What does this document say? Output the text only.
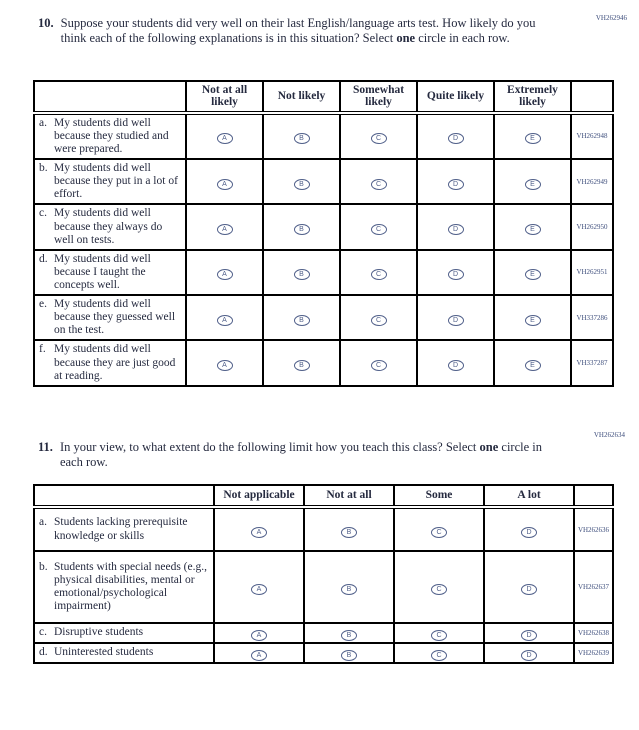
VH262946
10. Suppose your students did very well on their last English/language arts test. How likely do you think each of the following explanations is in this situation? Select one circle in each row.
	Not at all likely	Not likely	Somewhat likely	Quite likely	Extremely likely	

a. My students did well because they studied and were prepared.	A	B	C	D	E	VH262948

b. My students did well because they put in a lot of effort.	A	B	C	D	E	VH262949

c. My students did well because they always do well on tests.	A	B	C	D	E	VH262950

d. My students did well because I taught the concepts well.	A	B	C	D	E	VH262951

e. My students did well because they guessed well on the test.	A	B	C	D	E	VH337286

f. My students did well because they are just good at reading.	A	B	C	D	E	VH337287
VH262634
11. In your view, to what extent do the following limit how you teach this class? Select one circle in each row.
	Not applicable	Not at all	Some	A lot	

a. Students lacking prerequisite knowledge or skills	A	B	C	D	VH262636

b. Students with special needs (e.g., physical disabilities, mental or emotional/psychological impairment)	A	B	C	D	VH262637

c. Disruptive students	A	B	C	D	VH262638

d. Uninterested students	A	B	C	D	VH262639
